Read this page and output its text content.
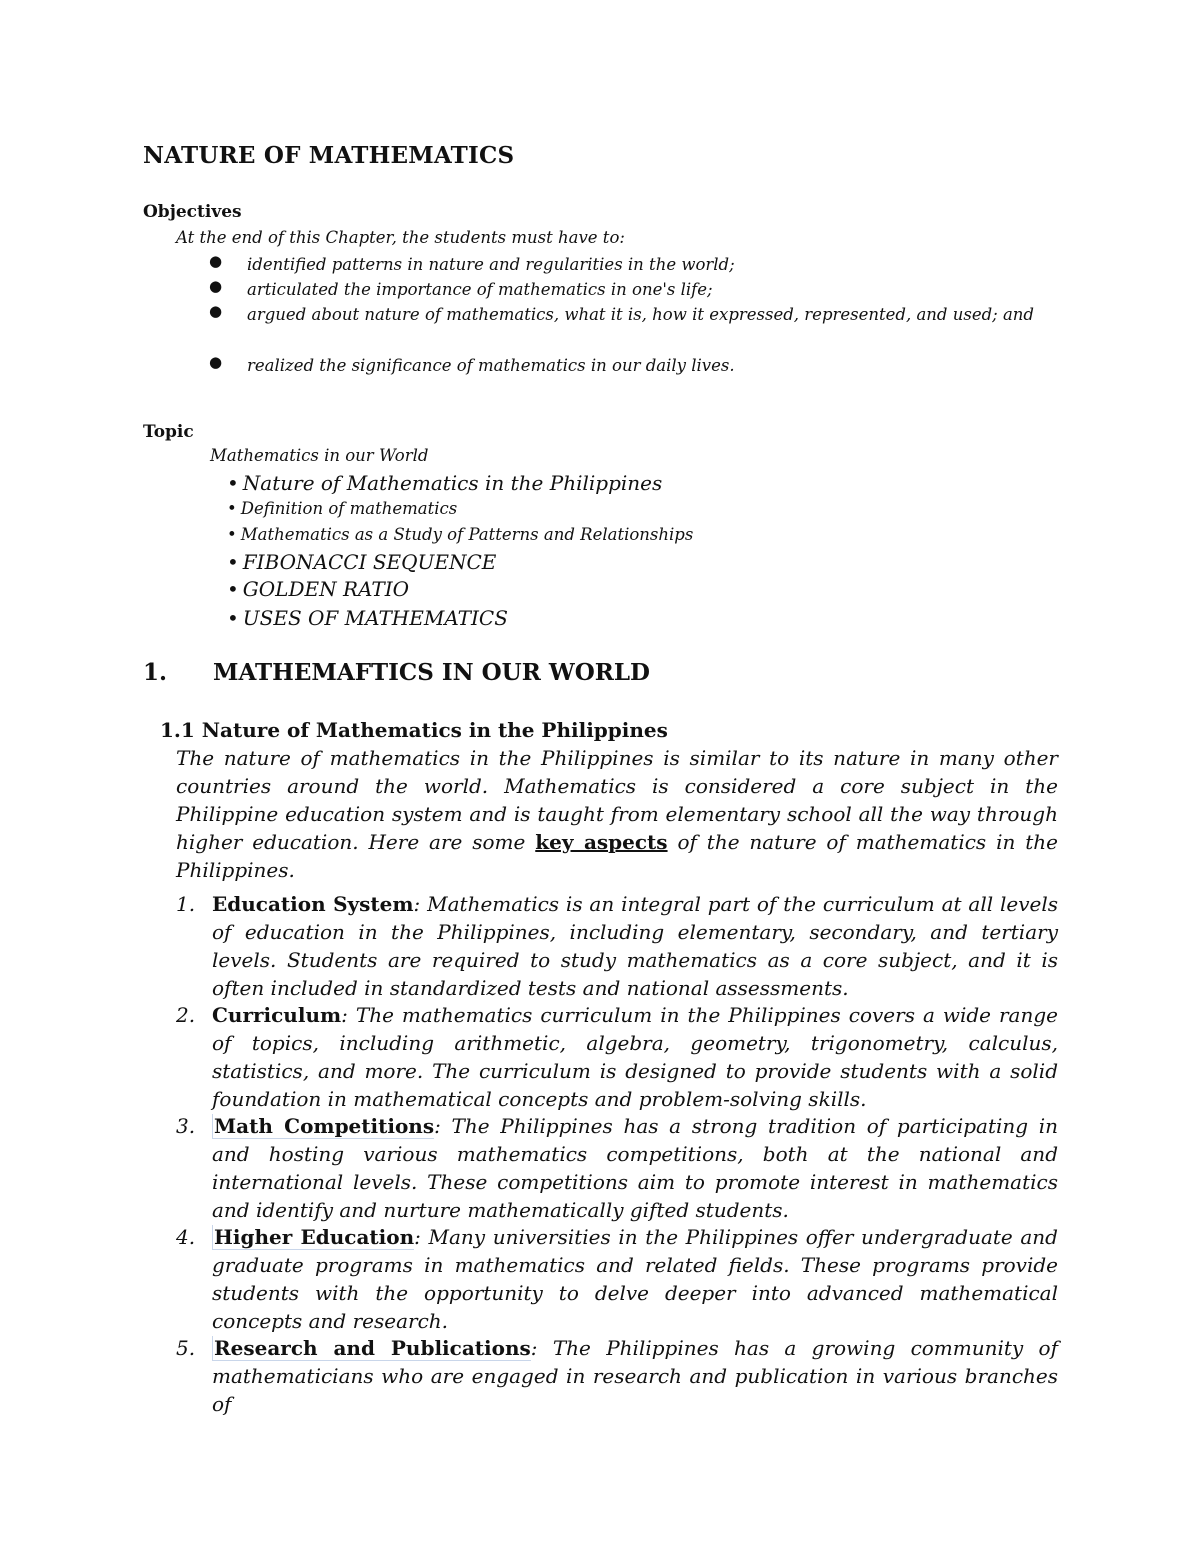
NATURE OF MATHEMATICS
Objectives
At the end of this Chapter, the students must have to:
● identified patterns in nature and regularities in the world;
● articulated the importance of mathematics in one's life;
● argued about nature of mathematics, what it is, how it expressed, represented, and used; and
● realized the significance of mathematics in our daily lives.
Topic
Mathematics in our World
• Nature of Mathematics in the Philippines
• Definition of mathematics
• Mathematics as a Study of Patterns and Relationships
• FIBONACCI SEQUENCE
• GOLDEN RATIO
• USES OF MATHEMATICS
1. MATHEMAFTICS IN OUR WORLD
1.1 Nature of Mathematics in the Philippines
The nature of mathematics in the Philippines is similar to its nature in many other countries around the world. Mathematics is considered a core subject in the Philippine education system and is taught from elementary school all the way through higher education. Here are some key aspects of the nature of mathematics in the Philippines.
1. Education System: Mathematics is an integral part of the curriculum at all levels of education in the Philippines, including elementary, secondary, and tertiary levels. Students are required to study mathematics as a core subject, and it is often included in standardized tests and national assessments.
2. Curriculum: The mathematics curriculum in the Philippines covers a wide range of topics, including arithmetic, algebra, geometry, trigonometry, calculus, statistics, and more. The curriculum is designed to provide students with a solid foundation in mathematical concepts and problem-solving skills.
3. Math Competitions: The Philippines has a strong tradition of participating in and hosting various mathematics competitions, both at the national and international levels. These competitions aim to promote interest in mathematics and identify and nurture mathematically gifted students.
4. Higher Education: Many universities in the Philippines offer undergraduate and graduate programs in mathematics and related fields. These programs provide students with the opportunity to delve deeper into advanced mathematical concepts and research.
5. Research and Publications: The Philippines has a growing community of mathematicians who are engaged in research and publication in various branches of
